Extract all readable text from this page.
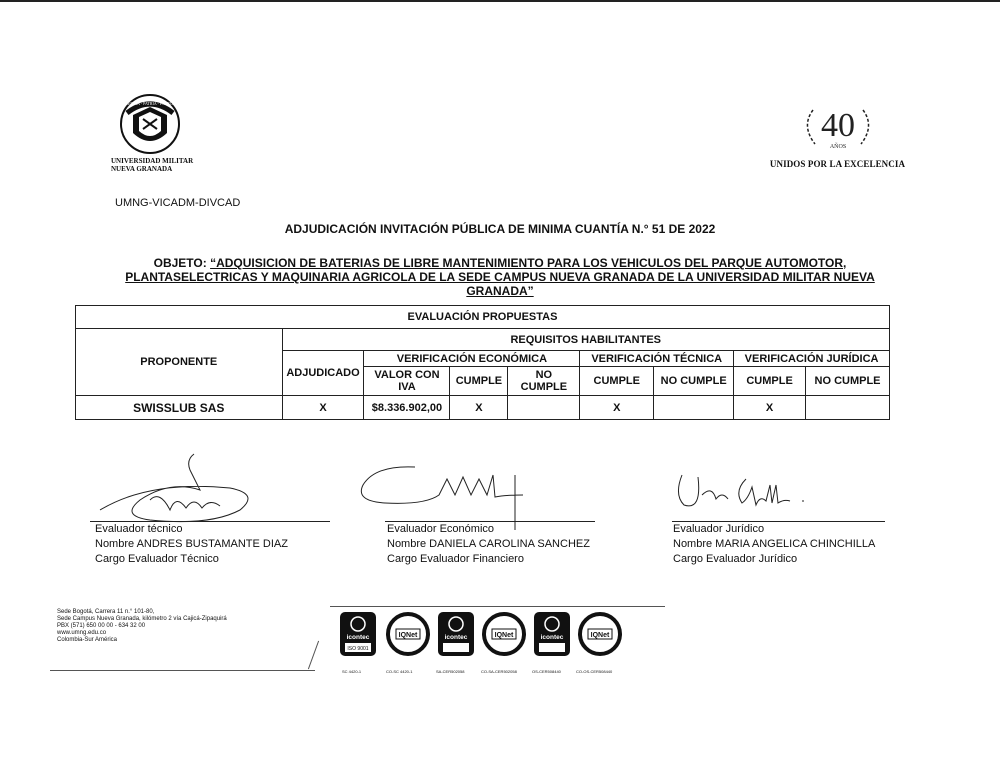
CIENCIA - PATRIA - FAMILIA
UNIVERSIDAD MILITAR
NUEVA GRANADA
40
AÑOS
UNIDOS POR LA EXCELENCIA
UMNG-VICADM-DIVCAD
ADJUDICACIÓN INVITACIÓN PÚBLICA DE MINIMA CUANTÍA N.° 51 DE 2022
OBJETO: “ADQUISICION DE BATERIAS DE LIBRE MANTENIMIENTO PARA LOS VEHICULOS DEL PARQUE AUTOMOTOR, PLANTASELECTRICAS Y MAQUINARIA AGRICOLA DE LA SEDE CAMPUS NUEVA GRANADA DE LA UNIVERSIDAD MILITAR NUEVA GRANADA”
EVALUACIÓN PROPUESTAS								
PROPONENTE	REQUISITOS HABILITANTES							
	ADJUDICADO	VERIFICACIÓN ECONÓMICA			VERIFICACIÓN TÉCNICA		VERIFICACIÓN JURÍDICA	
		VALOR CON IVA	CUMPLE	NO CUMPLE	CUMPLE	NO CUMPLE	CUMPLE	NO CUMPLE
SWISSLUB SAS	X	$8.336.902,00	X		X		X	
Evaluador técnico
Nombre ANDRES BUSTAMANTE DIAZ
Cargo Evaluador Técnico
Evaluador Económico
Nombre DANIELA CAROLINA SANCHEZ
Cargo Evaluador Financiero
Evaluador Jurídico
Nombre MARIA ANGELICA CHINCHILLA
Cargo Evaluador Jurídico
Sede Bogotá, Carrera 11 n.° 101-80,
Sede Campus Nueva Granada, kilómetro 2 vía Cajicá-Zipaquirá
PBX (571) 650 00 00 - 634 32 00
www.umng.edu.co
Colombia-Sur América	icontec
ISO 9001
IQNet	icontec	IQNet	icontec	IQNet
SC 4420-1	CO-SC 4420-1	SA-CER502058	CO-SA-CER502058	OS-CER508440	CO-OS-CER508440
